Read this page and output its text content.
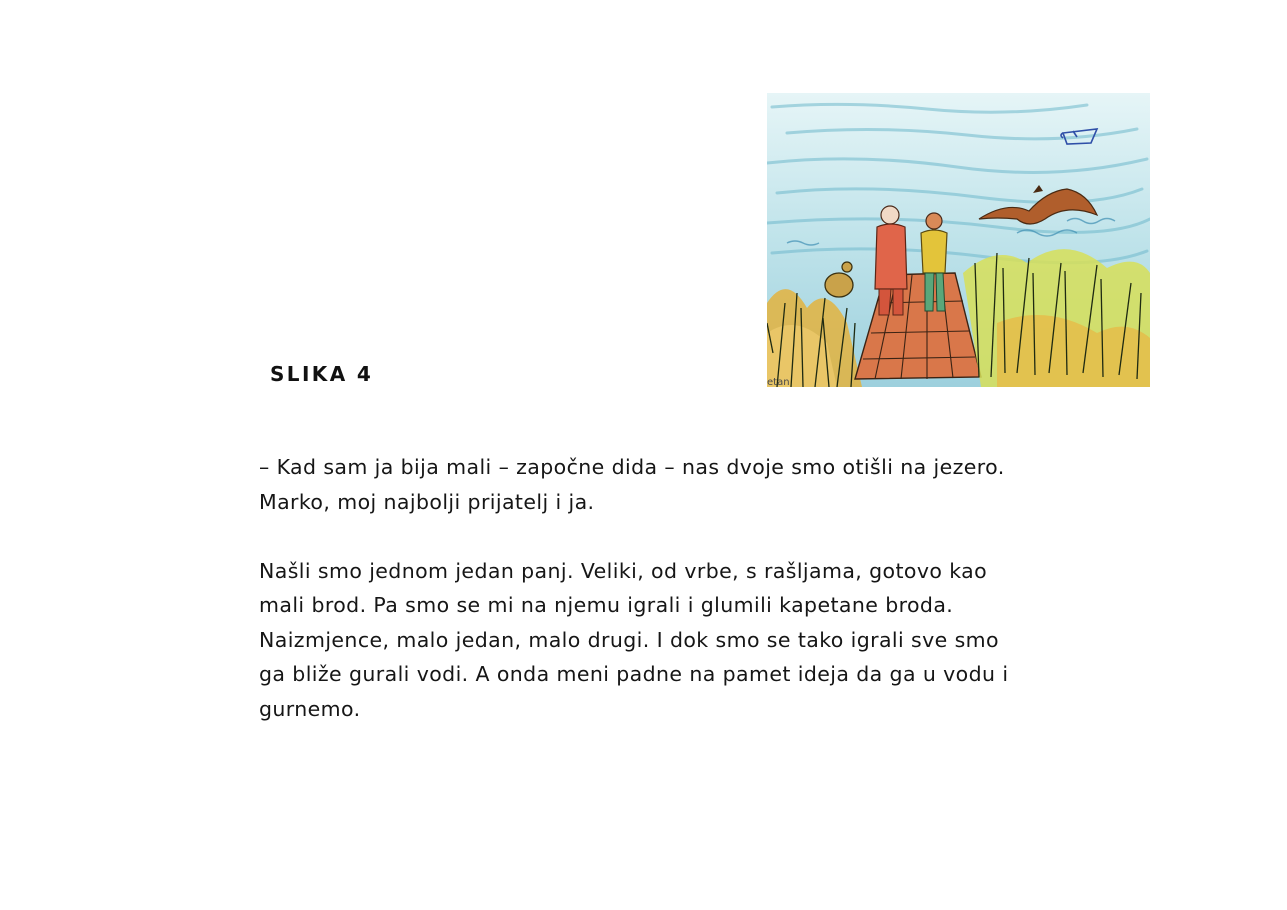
etan
SLIKA 4

– Kad sam ja bija mali – započne dida – nas dvoje smo otišli na jezero. Marko, moj najbolji prijatelj i ja.

Našli smo jednom jedan panj. Veliki, od vrbe, s rašljama, gotovo kao mali brod. Pa smo se mi na njemu igrali i glumili kapetane broda. Naizmjence, malo jedan, malo drugi. I dok smo se tako igrali sve smo ga bliže gurali vodi. A onda meni padne na pamet ideja da ga u vodu i gurnemo.
